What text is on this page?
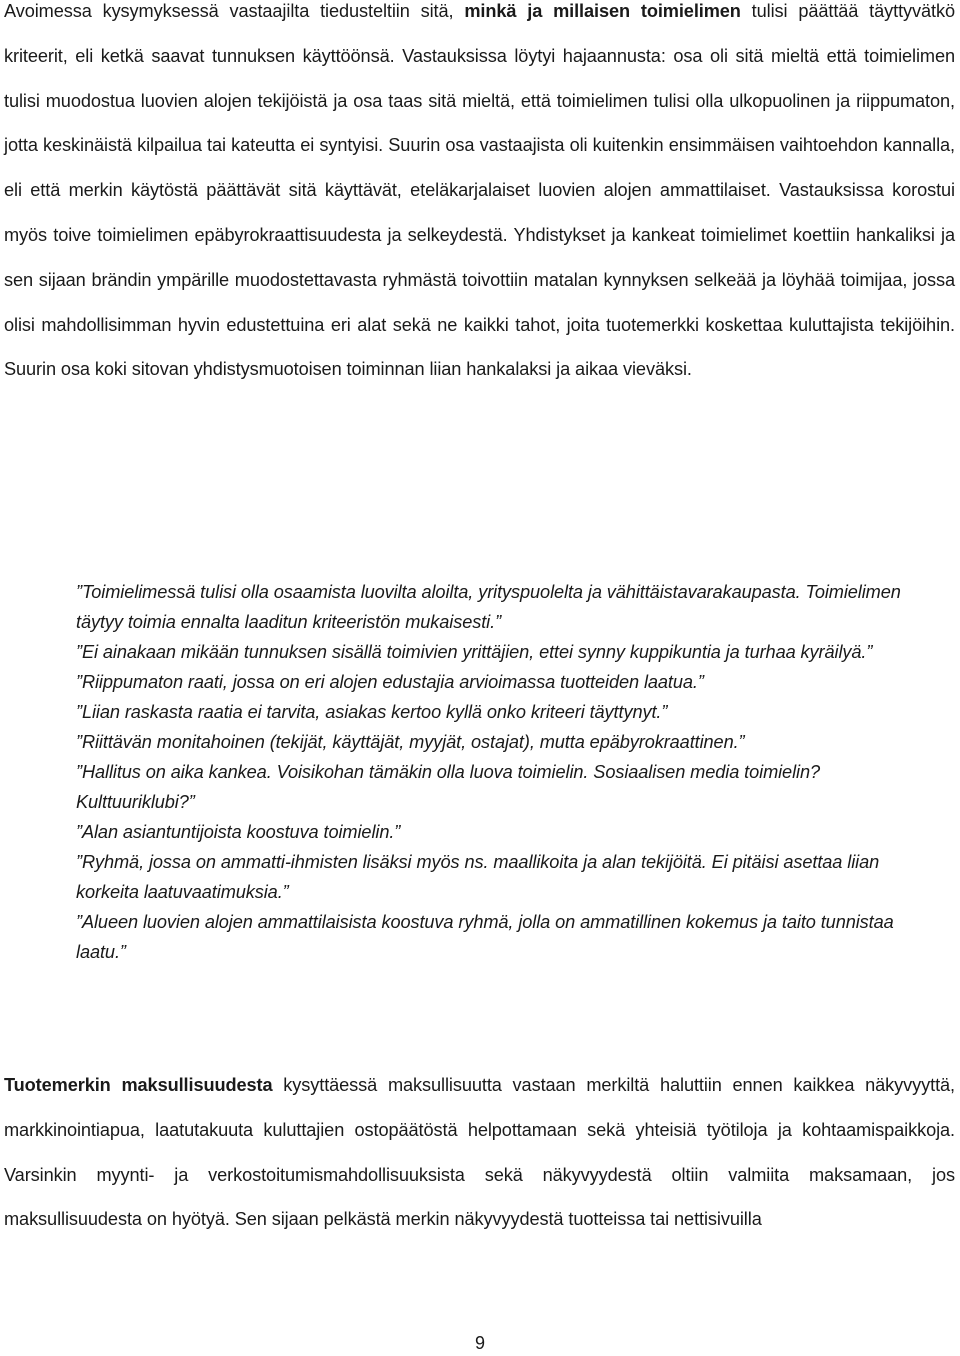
Avoimessa kysymyksessä vastaajilta tiedusteltiin sitä, minkä ja millaisen toimielimen tulisi päättää täyttyvätkö kriteerit, eli ketkä saavat tunnuksen käyttöönsä. Vastauksissa löytyi hajaannusta: osa oli sitä mieltä että toimielimen tulisi muodostua luovien alojen tekijöistä ja osa taas sitä mieltä, että toimielimen tulisi olla ulkopuolinen ja riippumaton, jotta keskinäistä kilpailua tai kateutta ei syntyisi. Suurin osa vastaajista oli kuitenkin ensimmäisen vaihtoehdon kannalla, eli että merkin käytöstä päättävät sitä käyttävät, eteläkarjalaiset luovien alojen ammattilaiset. Vastauksissa korostui myös toive toimielimen epäbyrokraattisuudesta ja selkeydestä. Yhdistykset ja kankeat toimielimet koettiin hankaliksi ja sen sijaan brändin ympärille muodostettavasta ryhmästä toivottiin matalan kynnyksen selkeää ja löyhää toimijaa, jossa olisi mahdollisimman hyvin edustettuina eri alat sekä ne kaikki tahot, joita tuotemerkki koskettaa kuluttajista tekijöihin. Suurin osa koki sitovan yhdistysmuotoisen toiminnan liian hankalaksi ja aikaa vieväksi.

”Toimielimessä tulisi olla osaamista luovilta aloilta, yrityspuolelta ja vähittäistavarakaupasta. Toimielimen täytyy toimia ennalta laaditun kriteeristön mukaisesti.”

”Ei ainakaan mikään tunnuksen sisällä toimivien yrittäjien, ettei synny kuppikuntia ja turhaa kyräilyä.”

”Riippumaton raati, jossa on eri alojen edustajia arvioimassa tuotteiden laatua.”

”Liian raskasta raatia ei tarvita, asiakas kertoo kyllä onko kriteeri täyttynyt.”

”Riittävän monitahoinen (tekijät, käyttäjät, myyjät, ostajat), mutta epäbyrokraattinen.”

”Hallitus on aika kankea. Voisikohan tämäkin olla luova toimielin. Sosiaalisen media toimielin? Kulttuuriklubi?”

”Alan asiantuntijoista koostuva toimielin.”

”Ryhmä, jossa on ammatti-ihmisten lisäksi myös ns. maallikoita ja alan tekijöitä. Ei pitäisi asettaa liian korkeita laatuvaatimuksia.”

”Alueen luovien alojen ammattilaisista koostuva ryhmä, jolla on ammatillinen kokemus ja taito tunnistaa laatu.”

Tuotemerkin maksullisuudesta kysyttäessä maksullisuutta vastaan merkiltä haluttiin ennen kaikkea näkyvyyttä, markkinointiapua, laatutakuuta kuluttajien ostopäätöstä helpottamaan sekä yhteisiä työtiloja ja kohtaamispaikkoja. Varsinkin myynti- ja verkostoitumismahdollisuuksista sekä näkyvyydestä oltiin valmiita maksamaan, jos maksullisuudesta on hyötyä. Sen sijaan pelkästä merkin näkyvyydestä tuotteissa tai nettisivuilla

9
